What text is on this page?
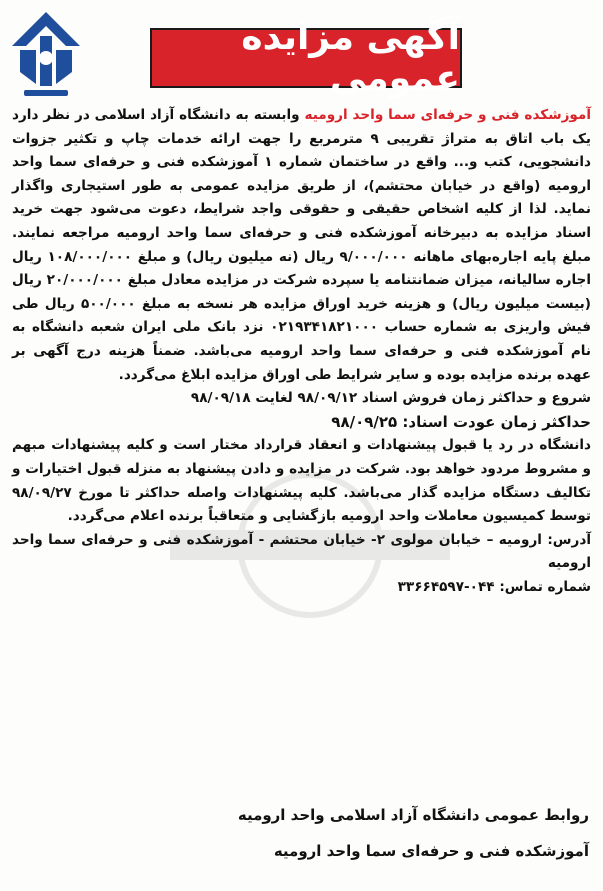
آگهی مزایده عمومی

آموزشکده فنی و حرفه‌ای سما واحد ارومیه وابسته به دانشگاه آزاد اسلامی در نظر دارد یک باب اتاق به متراژ تقریبی ۹ مترمربع را جهت ارائه خدمات چاپ و تکثیر جزوات دانشجویی، کتب و... واقع در ساختمان شماره ۱ آموزشکده فنی و حرفه‌ای سما واحد ارومیه (واقع در خیابان محتشم)، از طریق مزایده عمومی به طور استیجاری واگذار نماید. لذا از کلیه اشخاص حقیقی و حقوقی واجد شرایط، دعوت می‌شود جهت خرید اسناد مزایده به دبیرخانه آموزشکده فنی و حرفه‌ای سما واحد ارومیه مراجعه نمایند. مبلغ پایه اجاره‌بهای ماهانه ۹/۰۰۰/۰۰۰ ریال (نه میلیون ریال) و مبلغ ۱۰۸/۰۰۰/۰۰۰ ریال اجاره سالیانه، میزان ضمانتنامه یا سپرده شرکت در مزایده معادل مبلغ ۲۰/۰۰۰/۰۰۰ ریال (بیست میلیون ریال) و هزینه خرید اوراق مزایده هر نسخه به مبلغ ۵۰۰/۰۰۰ ریال طی فیش واریزی به شماره حساب ۰۲۱۹۳۴۱۸۲۱۰۰۰ نزد بانک ملی ایران شعبه دانشگاه به نام آموزشکده فنی و حرفه‌ای سما واحد ارومیه می‌باشد. ضمناً هزینه درج آگهی بر عهده برنده مزایده بوده و سایر شرایط طی اوراق مزایده ابلاغ می‌گردد.

شروع و حداکثر زمان فروش اسناد ۹۸/۰۹/۱۲ لغایت ۹۸/۰۹/۱۸
حداکثر زمان عودت اسناد: ۹۸/۰۹/۲۵

دانشگاه در رد یا قبول پیشنهادات و انعقاد قرارداد مختار است و کلیه پیشنهادات مبهم و مشروط مردود خواهد بود. شرکت در مزایده و دادن پیشنهاد به منزله قبول اختیارات و تکالیف دستگاه مزایده گذار می‌باشد. کلیه پیشنهادات واصله حداکثر تا مورخ ۹۸/۰۹/۲۷ توسط کمیسیون معاملات واحد ارومیه بازگشایی و متعاقباً برنده اعلام می‌گردد.

آدرس: ارومیه – خیابان مولوی ۲- خیابان محتشم - آموزشکده فنی و حرفه‌ای سما واحد ارومیه

شماره تماس: ۰۴۴-۳۳۶۶۴۵۹۷

روابط عمومی دانشگاه آزاد اسلامی واحد ارومیه
آموزشکده فنی و حرفه‌ای سما واحد ارومیه
